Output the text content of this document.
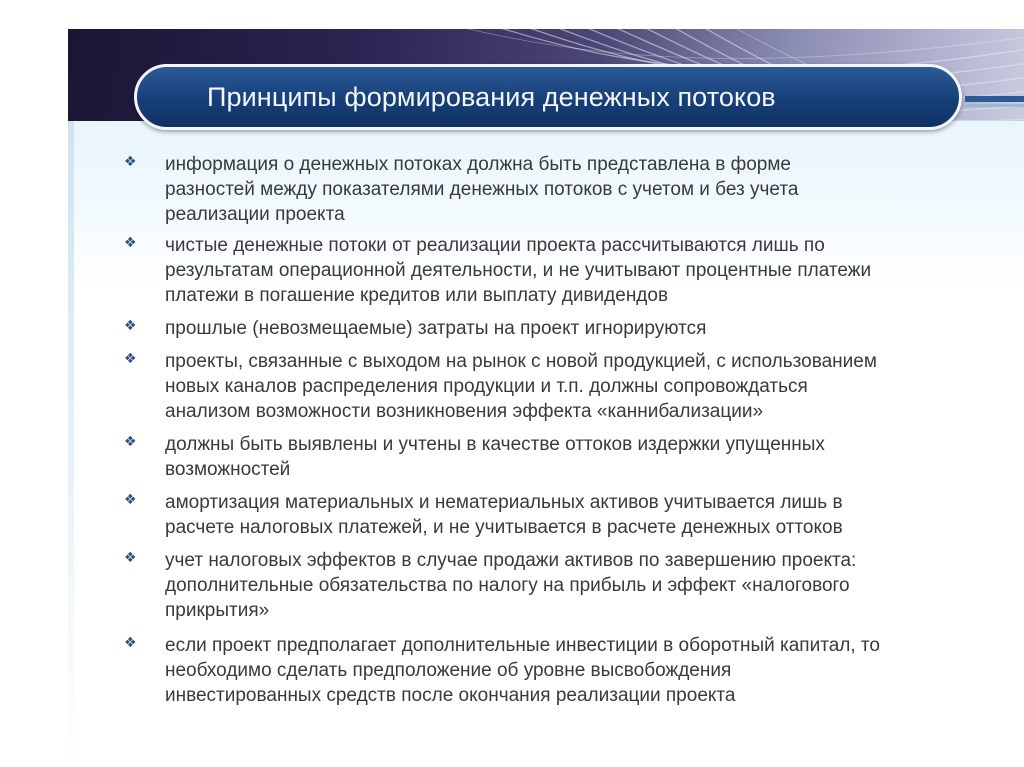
Принципы формирования денежных потоков
❖ информация о денежных потоках должна быть представлена в форме
разностей между показателями денежных потоков с учетом и без учета
реализации проекта
❖ чистые денежные потоки от реализации проекта рассчитываются лишь по
результатам операционной деятельности, и не учитывают процентные платежи
платежи в погашение кредитов или выплату дивидендов
❖ прошлые (невозмещаемые) затраты на проект игнорируются
❖ проекты, связанные с выходом на рынок с новой продукцией, с использованием
новых каналов распределения продукции и т.п. должны сопровождаться
анализом возможности возникновения эффекта «каннибализации»
❖ должны быть выявлены и учтены в качестве оттоков издержки упущенных
возможностей
❖ амортизация материальных и нематериальных активов учитывается лишь в
расчете налоговых платежей, и не учитывается в расчете денежных оттоков
❖ учет налоговых эффектов в случае продажи активов по завершению проекта:
дополнительные обязательства по налогу на прибыль и эффект «налогового
прикрытия»
❖ если проект предполагает дополнительные инвестиции в оборотный капитал, то
необходимо сделать предположение об уровне высвобождения
инвестированных средств после окончания реализации проекта
